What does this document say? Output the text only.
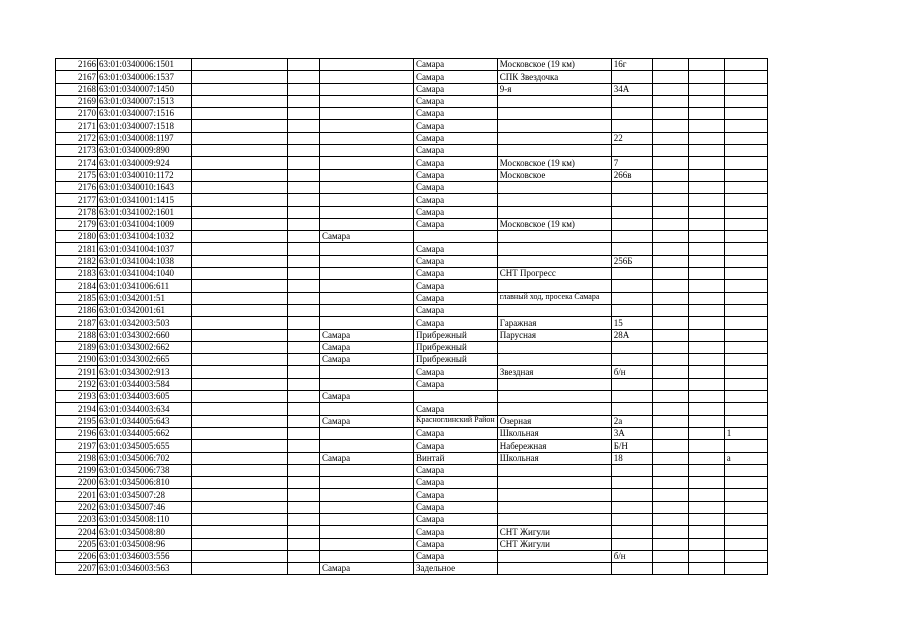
2166	63:01:0340006:1501				Самара	Московское (19 км)	16г			
2167	63:01:0340006:1537				Самара	СПК Звездочка				
2168	63:01:0340007:1450				Самара	9-я	34А			
2169	63:01:0340007:1513				Самара					
2170	63:01:0340007:1516				Самара					
2171	63:01:0340007:1518				Самара					
2172	63:01:0340008:1197				Самара		22			
2173	63:01:0340009:890				Самара					
2174	63:01:0340009:924				Самара	Московское (19 км)	7			
2175	63:01:0340010:1172				Самара	Московское	266в			
2176	63:01:0340010:1643				Самара					
2177	63:01:0341001:1415				Самара					
2178	63:01:0341002:1601				Самара					
2179	63:01:0341004:1009				Самара	Московское (19 км)				
2180	63:01:0341004:1032			Самара						
2181	63:01:0341004:1037				Самара					
2182	63:01:0341004:1038				Самара		256Б			
2183	63:01:0341004:1040				Самара	СНТ Прогресс				
2184	63:01:0341006:611				Самара					
2185	63:01:0342001:51				Самара	главный ход, просека Самара				
2186	63:01:0342001:61				Самара					
2187	63:01:0342003:503				Самара	Гаражная	15			
2188	63:01:0343002:660			Самара	Прибрежный	Парусная	28А			
2189	63:01:0343002:662			Самара	Прибрежный					
2190	63:01:0343002:665			Самара	Прибрежный					
2191	63:01:0343002:913				Самара	Звездная	б/н			
2192	63:01:0344003:584				Самара					
2193	63:01:0344003:605			Самара						
2194	63:01:0344003:634				Самара					
2195	63:01:0344005:643			Самара	Красноглинский Район	Озерная	2а			
2196	63:01:0344005:662				Самара	Школьная	3А			1
2197	63:01:0345005:655				Самара	Набережная	Б/Н			
2198	63:01:0345006:702			Самара	Винтай	Школьная	18			а
2199	63:01:0345006:738				Самара					
2200	63:01:0345006:810				Самара					
2201	63:01:0345007:28				Самара					
2202	63:01:0345007:46				Самара					
2203	63:01:0345008:110				Самара					
2204	63:01:0345008:80				Самара	СНТ Жигули				
2205	63:01:0345008:96				Самара	СНТ Жигули				
2206	63:01:0346003:556				Самара		б/н			
2207	63:01:0346003:563			Самара	Задельное					
